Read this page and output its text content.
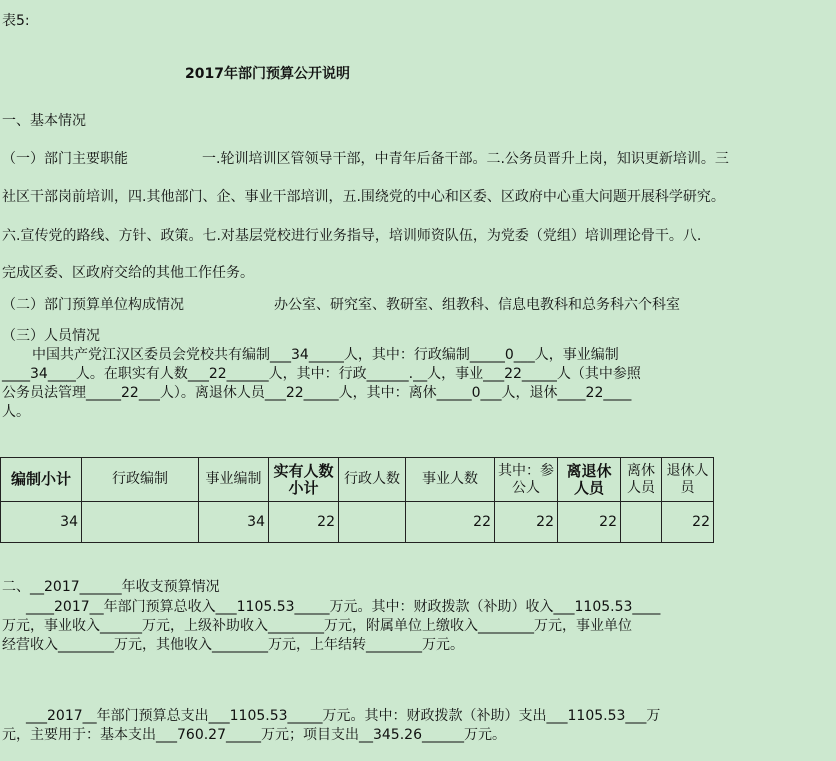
表5:
2017年部门预算公开说明
一、基本情况
（一）部门主要职能	一.轮训培训区管领导干部，中青年后备干部。二.公务员晋升上岗，知识更新培训。三
社区干部岗前培训，四.其他部门、企、事业干部培训，五.围绕党的中心和区委、区政府中心重大问题开展科学研究。
六.宣传党的路线、方针、政策。七.对基层党校进行业务指导，培训师资队伍，为党委（党组）培训理论骨干。八.
完成区委、区政府交给的其他工作任务。
（二）部门预算单位构成情况	办公室、研究室、教研室、组教科、信息电教科和总务科六个科室
（三）人员情况
中国共产党江汉区委员会党校共有编制___34_____人，其中：行政编制_____0___人，事业编制
____34____人。在职实有人数___22______人，其中：行政______.__人，事业___22_____人（其中参照
公务员法管理_____22___人）。离退休人员___22_____人，其中：离休_____0___人，退休____22____
人。
编制小计	行政编制	事业编制	实有人数小计	行政人数	事业人数	其中：参公人	离退休人员	离休人员	退休人员
34		34	22		22	22	22		22
二、__2017______年收支预算情况
____2017__年部门预算总收入___1105.53_____万元。其中：财政拨款（补助）收入___1105.53____
万元，事业收入______万元，上级补助收入________万元，附属单位上缴收入________万元，事业单位
经营收入________万元，其他收入________万元，上年结转________万元。
___2017__年部门预算总支出___1105.53_____万元。其中：财政拨款（补助）支出___1105.53___万
元，主要用于：基本支出___760.27_____万元；项目支出__345.26______万元。
